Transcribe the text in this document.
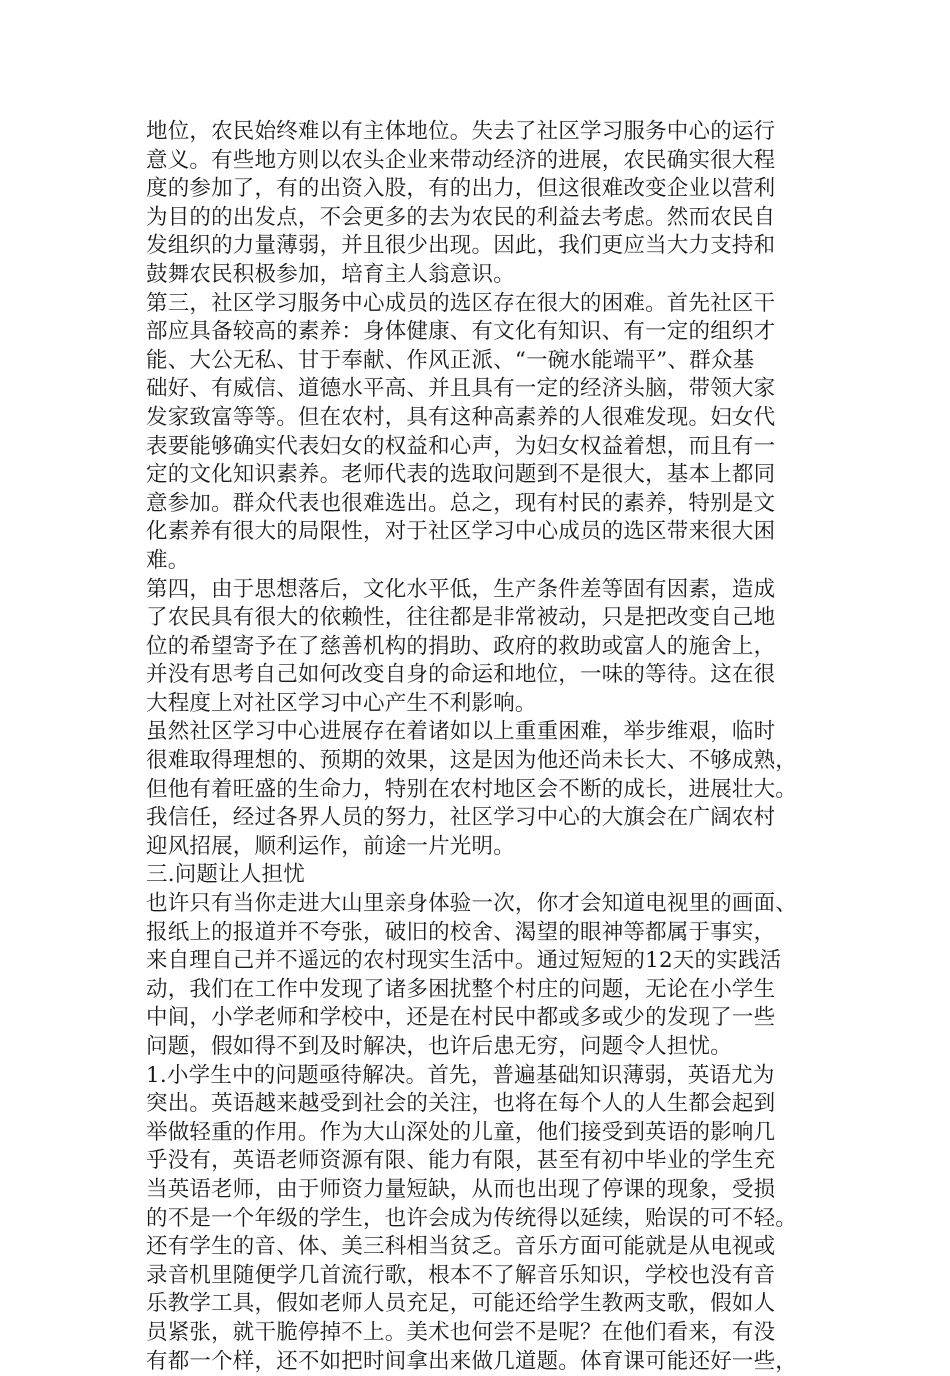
地位，农民始终难以有主体地位。失去了社区学习服务中心的运行
意义。有些地方则以农头企业来带动经济的进展，农民确实很大程
度的参加了，有的出资入股，有的出力，但这很难改变企业以营利
为目的的出发点，不会更多的去为农民的利益去考虑。然而农民自
发组织的力量薄弱，并且很少出现。因此，我们更应当大力支持和
鼓舞农民积极参加，培育主人翁意识。
第三，社区学习服务中心成员的选区存在很大的困难。首先社区干
部应具备较高的素养：身体健康、有文化有知识、有一定的组织才
能、大公无私、甘于奉献、作风正派、“一碗水能端平”、群众基
础好、有威信、道德水平高、并且具有一定的经济头脑，带领大家
发家致富等等。但在农村，具有这种高素养的人很难发现。妇女代
表要能够确实代表妇女的权益和心声，为妇女权益着想，而且有一
定的文化知识素养。老师代表的选取问题到不是很大，基本上都同
意参加。群众代表也很难选出。总之，现有村民的素养，特别是文
化素养有很大的局限性，对于社区学习中心成员的选区带来很大困
难。
第四，由于思想落后，文化水平低，生产条件差等固有因素，造成
了农民具有很大的依赖性，往往都是非常被动，只是把改变自己地
位的希望寄予在了慈善机构的捐助、政府的救助或富人的施舍上，
并没有思考自己如何改变自身的命运和地位，一味的等待。这在很
大程度上对社区学习中心产生不利影响。
虽然社区学习中心进展存在着诸如以上重重困难，举步维艰，临时
很难取得理想的、预期的效果，这是因为他还尚未长大、不够成熟，
但他有着旺盛的生命力，特别在农村地区会不断的成长，进展壮大。
我信任，经过各界人员的努力，社区学习中心的大旗会在广阔农村
迎风招展，顺利运作，前途一片光明。
三.问题让人担忧
也许只有当你走进大山里亲身体验一次，你才会知道电视里的画面、
报纸上的报道并不夸张，破旧的校舍、渴望的眼神等都属于事实，
来自理自己并不遥远的农村现实生活中。通过短短的12天的实践活
动，我们在工作中发现了诸多困扰整个村庄的问题，无论在小学生
中间，小学老师和学校中，还是在村民中都或多或少的发现了一些
问题，假如得不到及时解决，也许后患无穷，问题令人担忧。
1.小学生中的问题亟待解决。首先，普遍基础知识薄弱，英语尤为
突出。英语越来越受到社会的关注，也将在每个人的人生都会起到
举做轻重的作用。作为大山深处的儿童，他们接受到英语的影响几
乎没有，英语老师资源有限、能力有限，甚至有初中毕业的学生充
当英语老师，由于师资力量短缺，从而也出现了停课的现象，受损
的不是一个年级的学生，也许会成为传统得以延续，贻误的可不轻。
还有学生的音、体、美三科相当贫乏。音乐方面可能就是从电视或
录音机里随便学几首流行歌，根本不了解音乐知识，学校也没有音
乐教学工具，假如老师人员充足，可能还给学生教两支歌，假如人
员紧张，就干脆停掉不上。美术也何尝不是呢？在他们看来，有没
有都一个样，还不如把时间拿出来做几道题。体育课可能还好一些，
